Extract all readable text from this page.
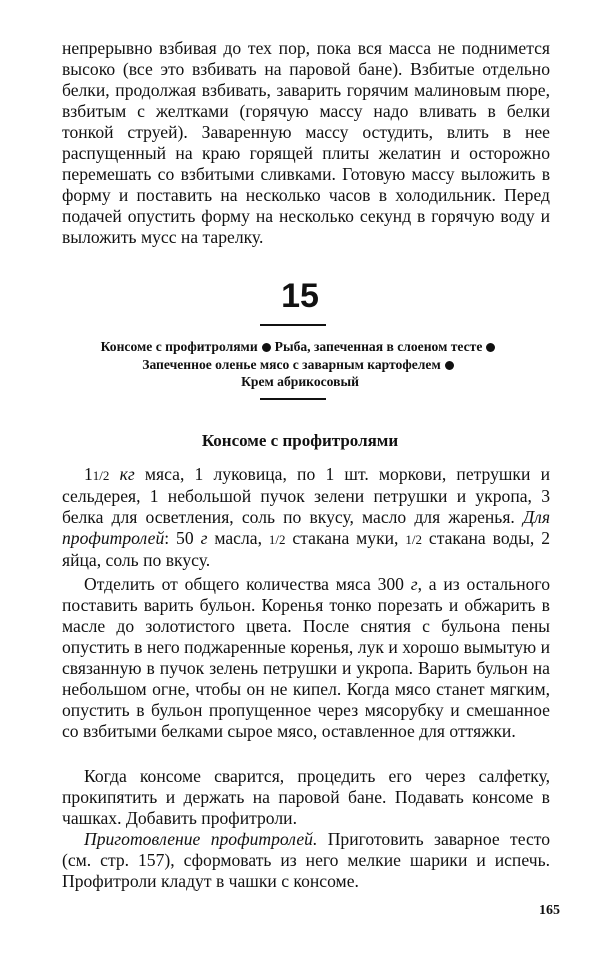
непрерывно взбивая до тех пор, пока вся масса не поднимется высоко (все это взбивать на паровой бане). Взбитые отдельно белки, продолжая взбивать, заварить горячим малиновым пюре, взбитым с желтками (горячую массу надо вливать в белки тонкой струей). Заваренную массу остудить, влить в нее распущенный на краю горящей плиты желатин и осторожно перемешать со взбитыми сливками. Готовую массу выложить в форму и поставить на несколько часов в холодильник. Перед подачей опустить форму на несколько секунд в горячую воду и выложить мусс на тарелку.

15
Консоме с профитролями Рыба, запеченная в слоеном тесте
Запеченное оленье мясо с заварным картофелем
Крем абрикосовый
Консоме с профитролями

11/2 кг мяса, 1 луковица, по 1 шт. моркови, петрушки и сельдерея, 1 небольшой пучок зелени петрушки и укропа, 3 белка для осветления, соль по вкусу, масло для жаренья. Для профитролей: 50 г масла, 1/2 стакана муки, 1/2 стакана воды, 2 яйца, соль по вкусу.

Отделить от общего количества мяса 300 г, а из остального поставить варить бульон. Коренья тонко порезать и обжарить в масле до золотистого цвета. После снятия с бульона пены опустить в него поджаренные коренья, лук и хорошо вымытую и связанную в пучок зелень петрушки и укропа. Варить бульон на небольшом огне, чтобы он не кипел. Когда мясо станет мягким, опустить в бульон пропущенное через мясорубку и смешанное со взбитыми белками сырое мясо, оставленное для оттяжки.

Когда консоме сварится, процедить его через салфетку, прокипятить и держать на паровой бане. Подавать консоме в чашках. Добавить профитроли.

Приготовление профитролей. Приготовить заварное тесто (см. стр. 157), сформовать из него мелкие шарики и испечь. Профитроли кладут в чашки с консоме.

165
